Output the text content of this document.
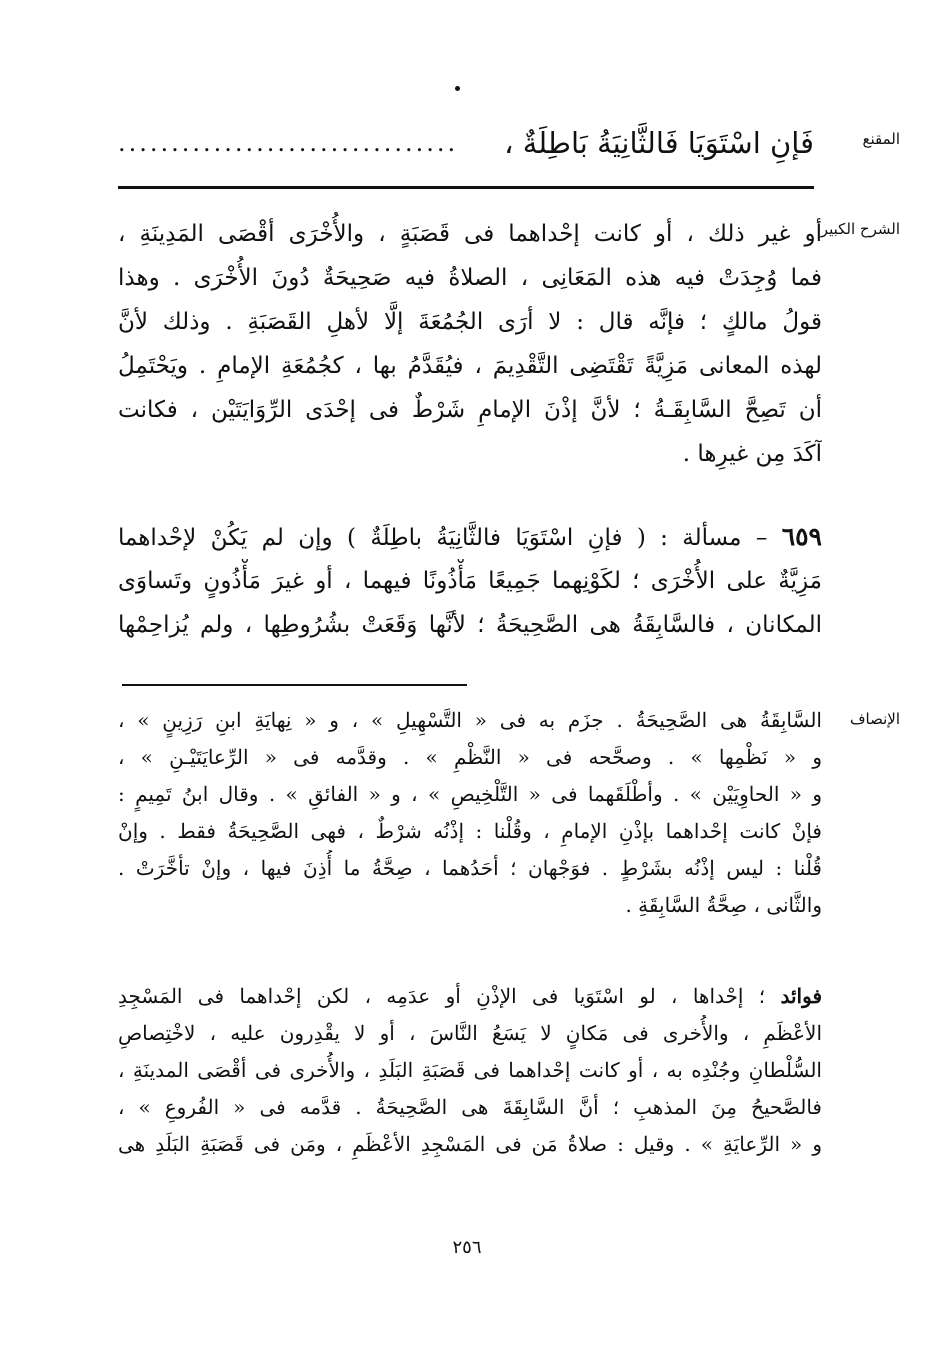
المقنع
فَإنِ اسْتَوَيَا فَالثَّانِيَةُ بَاطِلَةٌ ،
................................
الشرح الكبير
أو غير ذلك ، أو كانت إحْداهما فى قَصَبَةٍ ، والأُخْرَى أقْصَى المَدِينَةِ ،
فما وُجِدَتْ فيه هذه المَعَانِى ، الصلاةُ فيه صَحِيحَةٌ دُونَ الأُخْرَى . وهذا
قولُ مالكٍ ؛ فإنَّه قال : لا أرَى الجُمُعَةَ إلَّا لأهلِ القَصَبَةِ . وذلك لأنَّ
لهذه المعانى مَزِيَّةً تَقْتَضِى التَّقْدِيمَ ، فيُقَدَّمُ بها ، كجُمُعَةِ الإمامِ . ويَحْتَمِلُ
أن تَصِحَّ السَّابِقَـةُ ؛ لأنَّ إذْنَ الإمامِ شَرْطٌ فى إحْدَى الرِّوَايَتَيْن ، فكانت
آكَدَ مِن غيرِها .
٦٥٩ – مسألة : ( فإنِ اسْتَوَيَا فالثَّانِيَةُ باطِلَةٌ ) وإن لم يَكُنْ لإحْداهما
مَزِيَّةٌ على الأُخْرَى ؛ لكَوْنِهما جَمِيعًا مَأْذُونًا فيهما ، أو غيرَ مَأْذُونٍ وتَساوَى
المكانان ، فالسَّابِقَةُ هى الصَّحِيحَةُ ؛ لأنَّها وَقَعَتْ بشُرُوطِها ، ولم يُزاحِمْها
الإنصاف
السَّابِقَةُ هى الصَّحِيحَةُ . جزَم به فى « التَّسْهِيلِ » ، و « نِهايَةِ ابنِ رَزِينٍ » ،
و « نَظْمِها » . وصحَّحه فى « النَّظْمِ » . وقدَّمه فى « الرِّعايَتَيْـنِ » ،
و « الحاوِيَيْن » . وأطْلَقَهما فى « التَّلْخِيصِ » ، و « الفائقِ » . وقال ابنُ تَمِيمٍ :
فإنْ كانت إحْداهما بإذْنِ الإمامِ ، وقُلْنا : إذْنُه شرْطٌ ، فهى الصَّحِيحَةُ فقط . وإنْ
قُلْنا : ليس إذْنُه بشَرْطٍ . فوَجْهان ؛ أحَدُهما ، صِحَّةُ ما أُذِنَ فيها ، وإنْ تأخَّرَتْ .
والثَّانى ، صِحَّةُ السَّابِقَةِ .
فوائد ؛ إحْداها ، لو اسْتَوَيا فى الإذْنِ أو عدَمِه ، لكن إحْداهما فى المَسْجِدِ
الأعْظَمِ ، والأُخرى فى مَكانٍ لا يَسَعُ النَّاسَ ، أو لا يقْدِرون عليه ، لاخْتِصاصِ
السُّلْطانِ وجُنْدِه به ، أو كانت إحْداهما فى قَصَبَةِ البَلَدِ ، والأُخرى فى أقْصَى المدينَةِ ،
فالصَّحيحُ مِنَ المذهبِ ؛ أنَّ السَّابِقَةَ هى الصَّحِيحَةُ . قدَّمه فى « الفُروعِ » ،
و « الرِّعايَةِ » . وقيل : صلاةُ مَن فى المَسْجِدِ الأعْظَمِ ، ومَن فى قَصَبَةِ البَلَدِ هى
٢٥٦
